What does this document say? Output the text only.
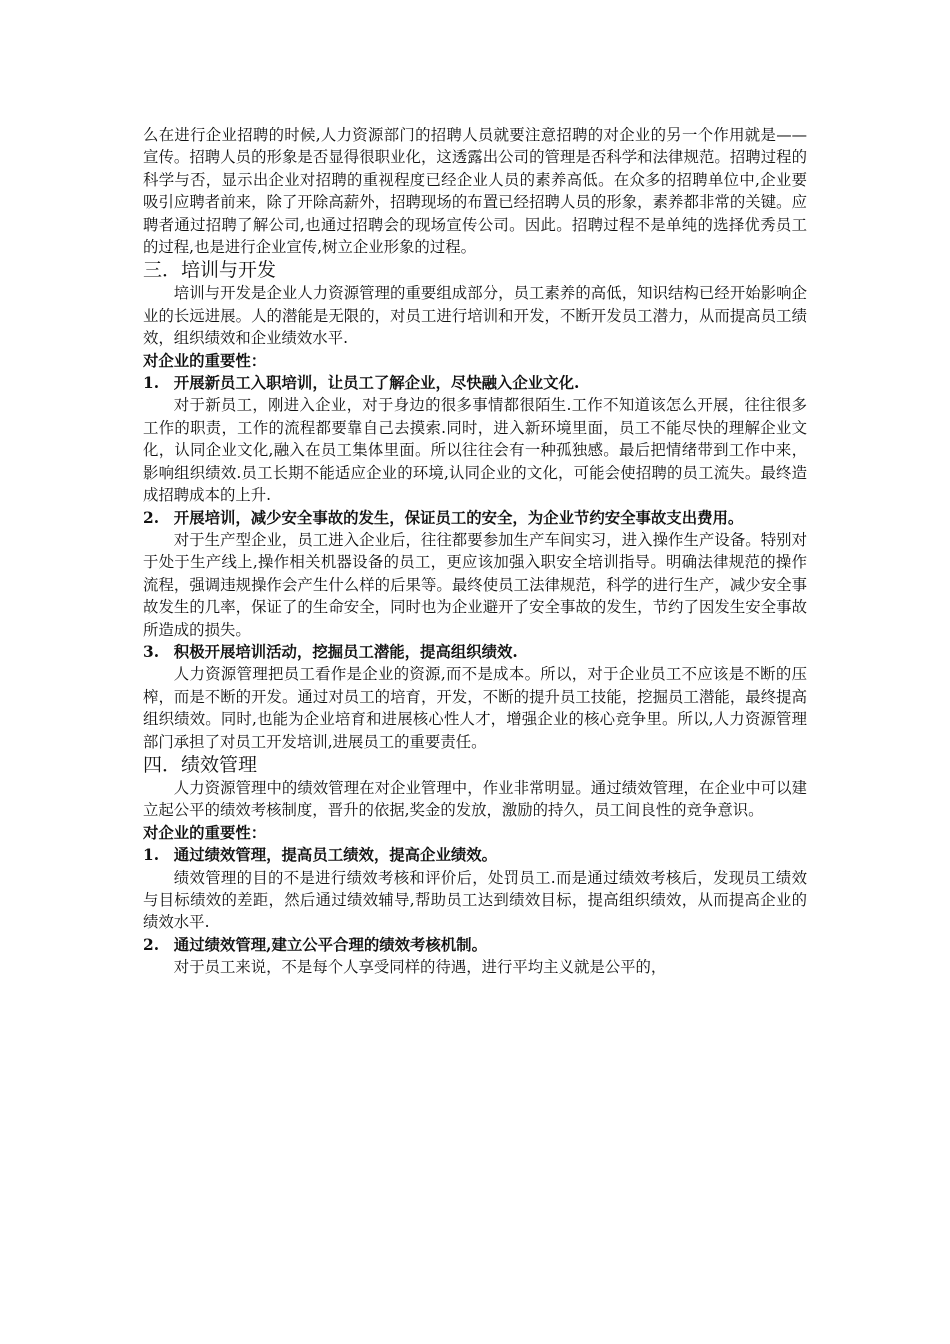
么在进行企业招聘的时候,人力资源部门的招聘人员就要注意招聘的对企业的另一个作用就是——宣传。招聘人员的形象是否显得很职业化，这透露出公司的管理是否科学和法律规范。招聘过程的科学与否，显示出企业对招聘的重视程度已经企业人员的素养高低。在众多的招聘单位中,企业要吸引应聘者前来，除了开除高薪外，招聘现场的布置已经招聘人员的形象，素养都非常的关键。应聘者通过招聘了解公司,也通过招聘会的现场宣传公司。因此。招聘过程不是单纯的选择优秀员工的过程,也是进行企业宣传,树立企业形象的过程。

三．培训与开发

培训与开发是企业人力资源管理的重要组成部分，员工素养的高低，知识结构已经开始影响企业的长远进展。人的潜能是无限的，对员工进行培训和开发，不断开发员工潜力，从而提高员工绩效，组织绩效和企业绩效水平.

对企业的重要性：

1. 开展新员工入职培训，让员工了解企业，尽快融入企业文化.

对于新员工，刚进入企业，对于身边的很多事情都很陌生.工作不知道该怎么开展，往往很多工作的职责，工作的流程都要靠自己去摸索.同时，进入新环境里面，员工不能尽快的理解企业文化，认同企业文化,融入在员工集体里面。所以往往会有一种孤独感。最后把情绪带到工作中来，影响组织绩效.员工长期不能适应企业的环境,认同企业的文化，可能会使招聘的员工流失。最终造成招聘成本的上升.

2. 开展培训，减少安全事故的发生，保证员工的安全，为企业节约安全事故支出费用。

对于生产型企业，员工进入企业后，往往都要参加生产车间实习，进入操作生产设备。特别对于处于生产线上,操作相关机器设备的员工，更应该加强入职安全培训指导。明确法律规范的操作流程，强调违规操作会产生什么样的后果等。最终使员工法律规范，科学的进行生产，减少安全事故发生的几率，保证了的生命安全，同时也为企业避开了安全事故的发生，节约了因发生安全事故所造成的损失。

3. 积极开展培训活动，挖掘员工潜能，提高组织绩效.

人力资源管理把员工看作是企业的资源,而不是成本。所以，对于企业员工不应该是不断的压榨，而是不断的开发。通过对员工的培育，开发，不断的提升员工技能，挖掘员工潜能，最终提高组织绩效。同时,也能为企业培育和进展核心性人才，增强企业的核心竞争里。所以,人力资源管理部门承担了对员工开发培训,进展员工的重要责任。

四．绩效管理

人力资源管理中的绩效管理在对企业管理中，作业非常明显。通过绩效管理，在企业中可以建立起公平的绩效考核制度，晋升的依据,奖金的发放，激励的持久，员工间良性的竞争意识。

对企业的重要性：

1. 通过绩效管理，提高员工绩效，提高企业绩效。

绩效管理的目的不是进行绩效考核和评价后，处罚员工.而是通过绩效考核后，发现员工绩效与目标绩效的差距，然后通过绩效辅导,帮助员工达到绩效目标，提高组织绩效，从而提高企业的绩效水平.

2. 通过绩效管理,建立公平合理的绩效考核机制。

对于员工来说，不是每个人享受同样的待遇，进行平均主义就是公平的，
